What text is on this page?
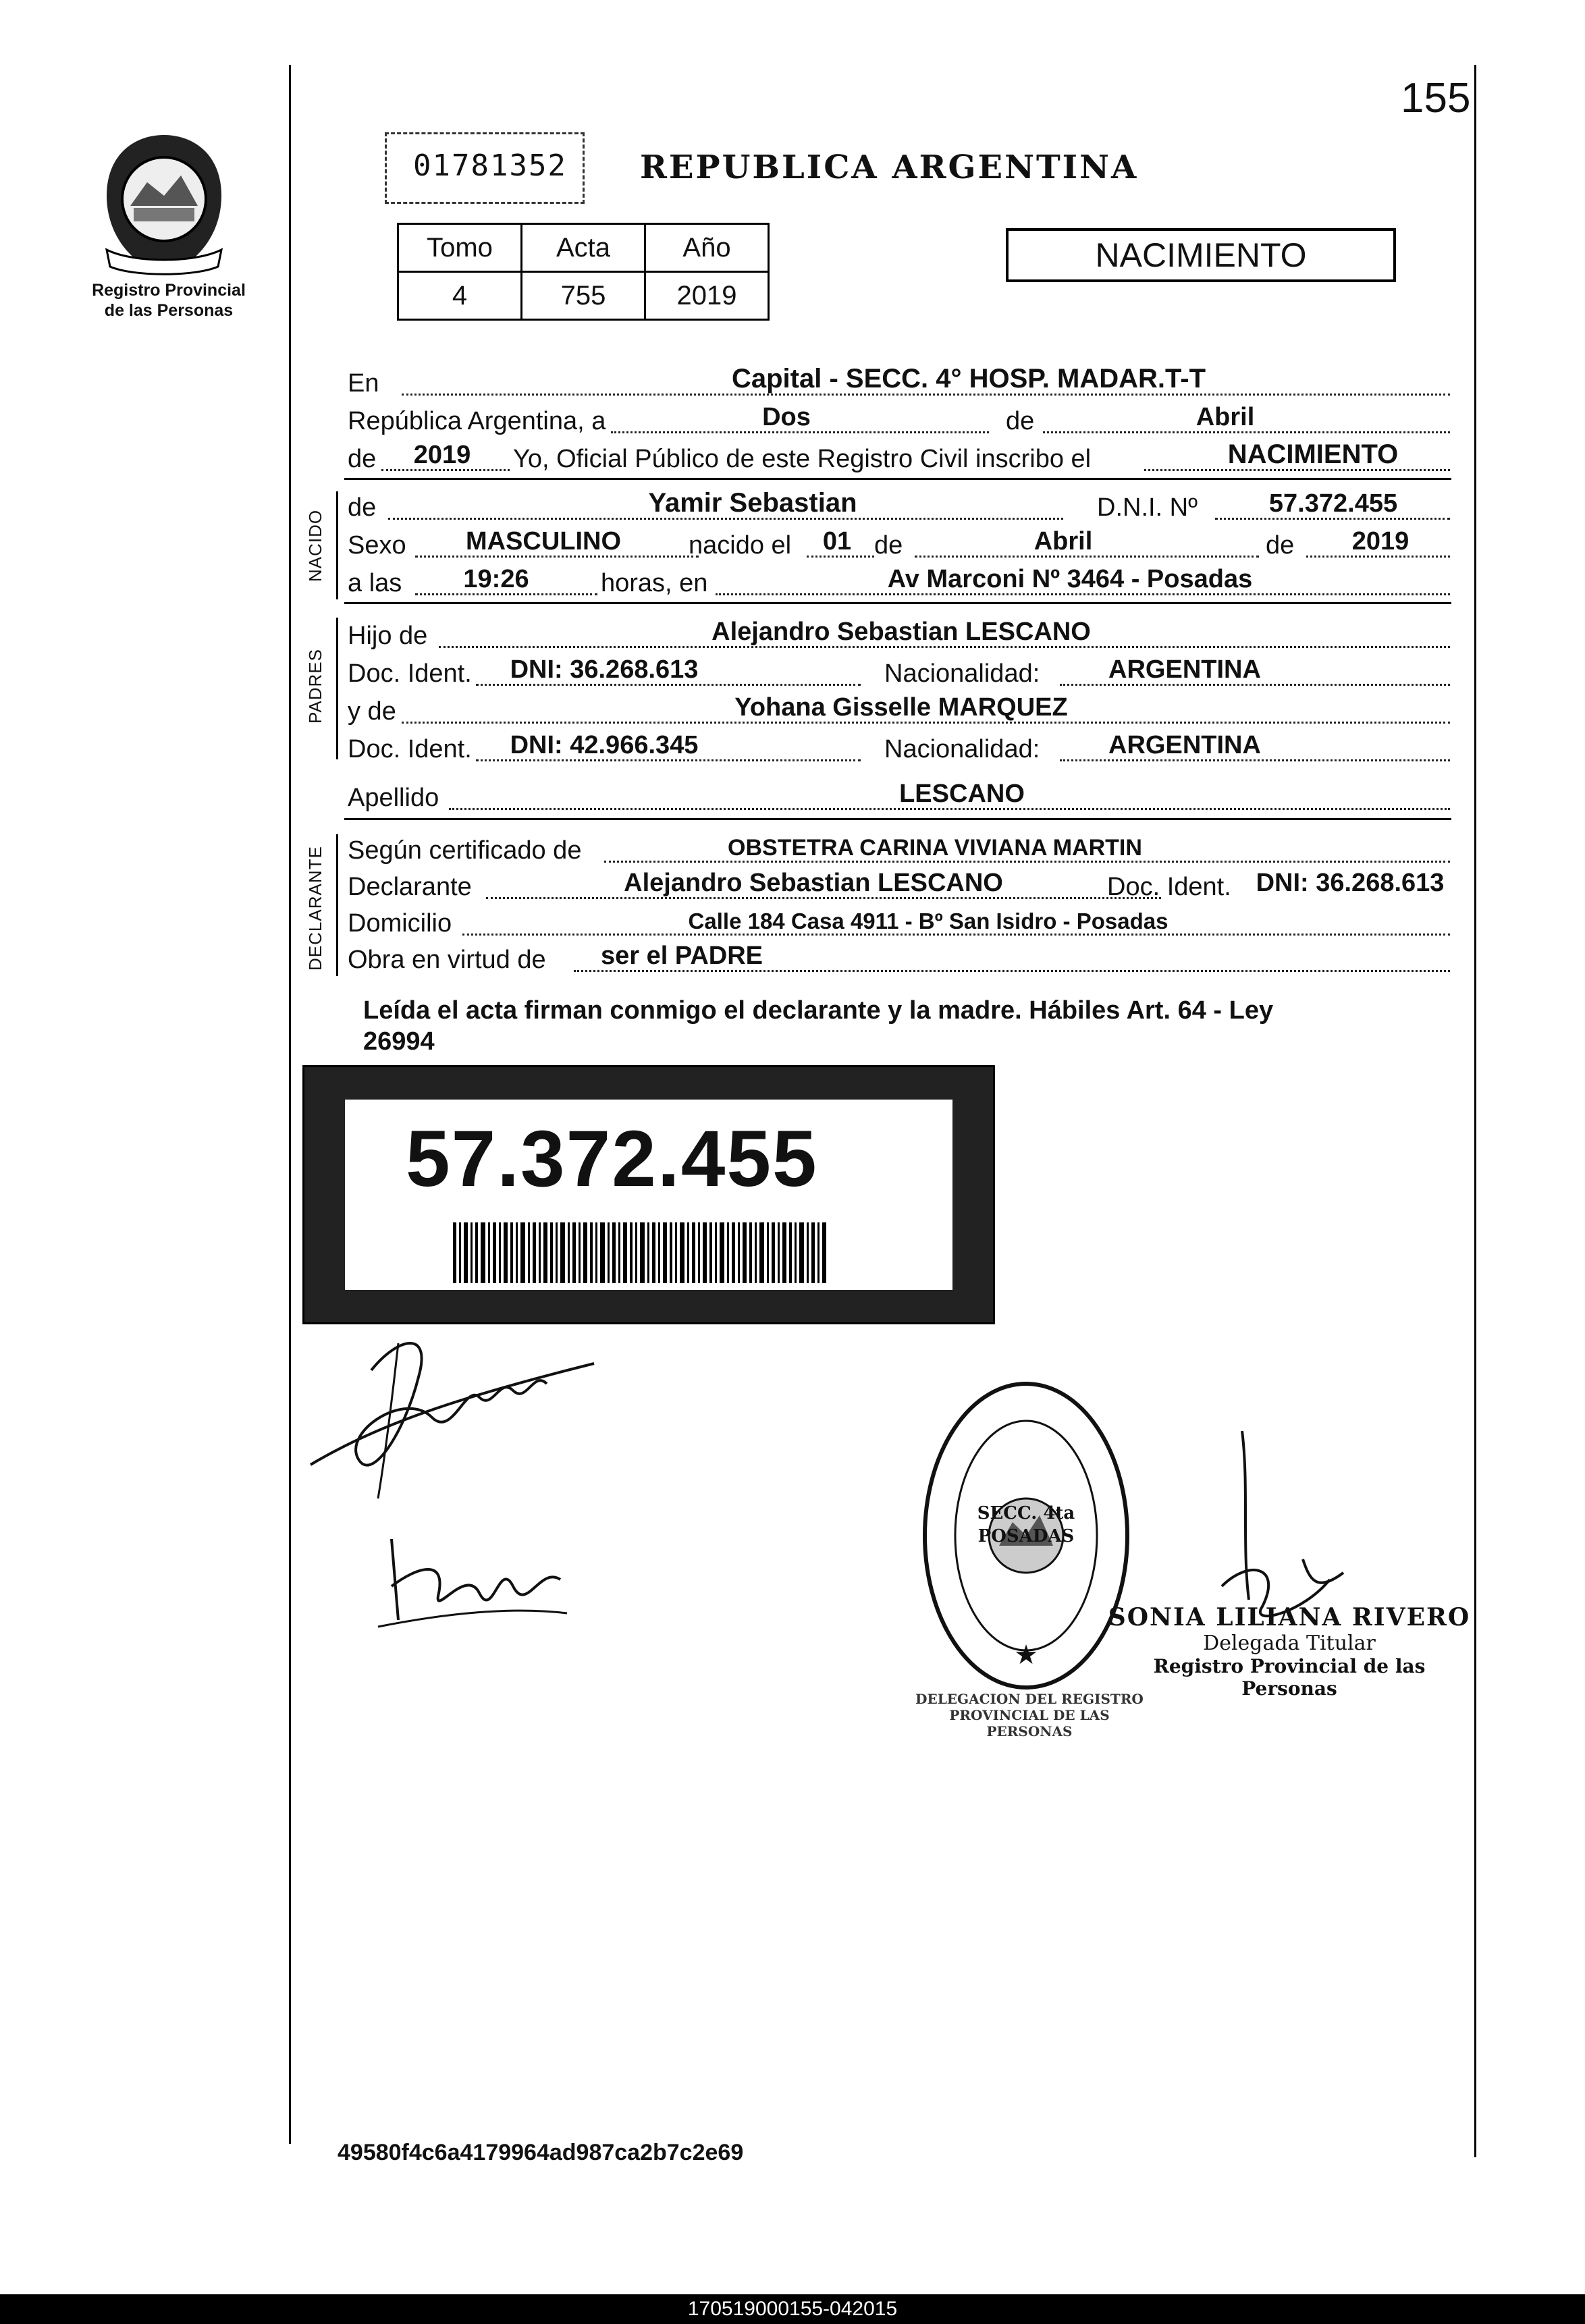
Registro Provincial
de las Personas
155
01781352 REPUBLICA ARGENTINA
Tomo	Acta	Año
4	755	2019
NACIMIENTO
En	Capital - SECC. 4° HOSP. MADAR.T-T
República Argentina, a	Dos	de	Abril
de	2019	Yo, Oficial Público de este Registro Civil inscribo el	NACIMIENTO
NACIDO
de	Yamir Sebastian	D.N.I. Nº	57.372.455
Sexo	MASCULINO	nacido el	01 de	Abril	de	2019
a las	19:26	horas, en	Av Marconi Nº 3464 - Posadas
PADRES
Hijo de	Alejandro Sebastian LESCANO
Doc. Ident.	DNI: 36.268.613	Nacionalidad:	ARGENTINA
y de	Yohana Gisselle MARQUEZ
Doc. Ident.	DNI: 42.966.345	Nacionalidad:	ARGENTINA
Apellido	LESCANO
DECLARANTE Según certificado de	OBSTETRA CARINA VIVIANA MARTIN
Declarante	Alejandro Sebastian LESCANO	Doc. Ident. DNI: 36.268.613
Domicilio	Calle 184 Casa 4911 - Bº San Isidro - Posadas
Obra en virtud de	ser el PADRE
Leída el acta firman conmigo el declarante y la madre. Hábiles Art. 64 - Ley
26994
57.372.455
★
DELEGACION DEL REGISTRO PROVINCIAL DE LAS PERSONAS
SECC. 4ta POSADAS
SONIA LILIANA RIVERO
Delegada Titular
Registro Provincial de las Personas
49580f4c6a4179964ad987ca2b7c2e69
170519000155-042015
